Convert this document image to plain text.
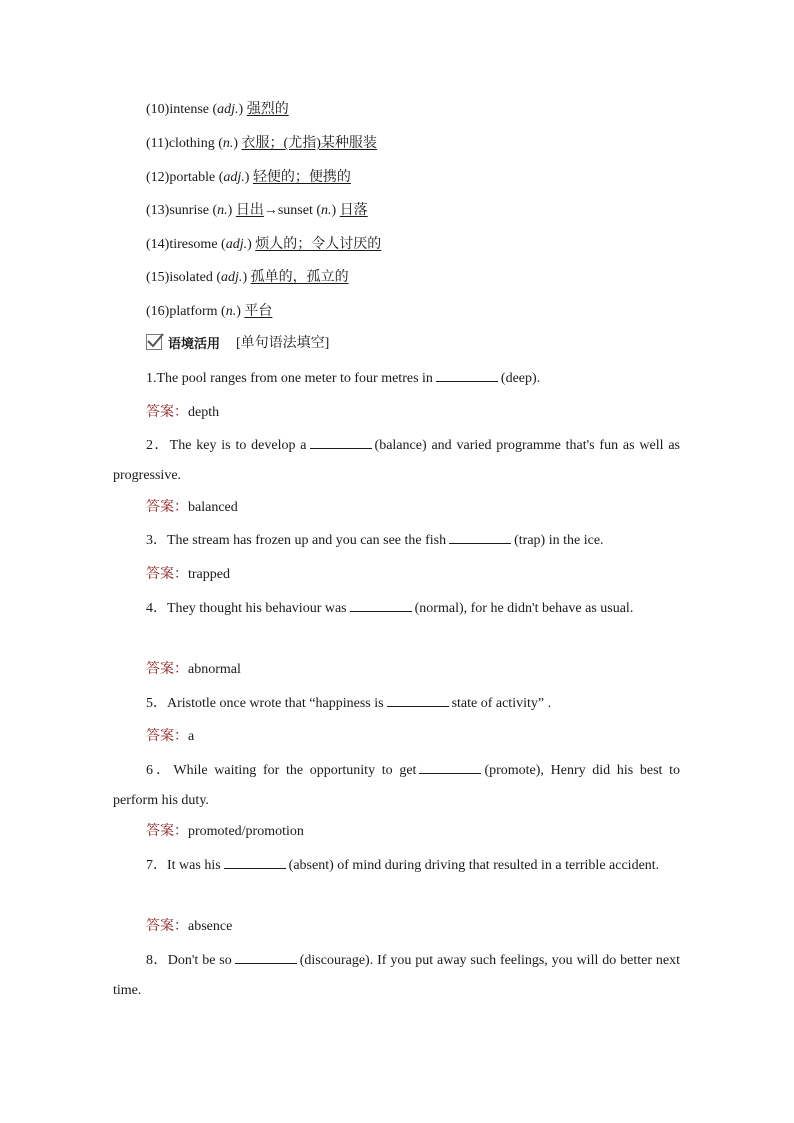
(10)intense (adj.) 强烈的
(11)clothing (n.) 衣服；(尤指)某种服装
(12)portable (adj.) 轻便的；便携的
(13)sunrise (n.) 日出→sunset (n.) 日落
(14)tiresome (adj.) 烦人的；令人讨厌的
(15)isolated (adj.) 孤单的，孤立的
(16)platform (n.) 平台
语境活用 [单句语法填空]
1.The pool ranges from one meter to four metres in	(deep).
答案：depth
2．The key is to develop a	(balance) and varied programme that's fun as well as progressive.
答案：balanced
3．The stream has frozen up and you can see the fish	(trap) in the ice.
答案：trapped
4．They thought his behaviour was	(normal), for he didn't behave as usual.
答案：abnormal
5．Aristotle once wrote that “happiness is	state of activity” .
答案：a
6．While waiting for the opportunity to get	(promote), Henry did his best to perform his duty.
答案：promoted/promotion
7．It was his	(absent) of mind during driving that resulted in a terrible accident.
答案：absence
8．Don't be so	(discourage). If you put away such feelings, you will do better next time.
